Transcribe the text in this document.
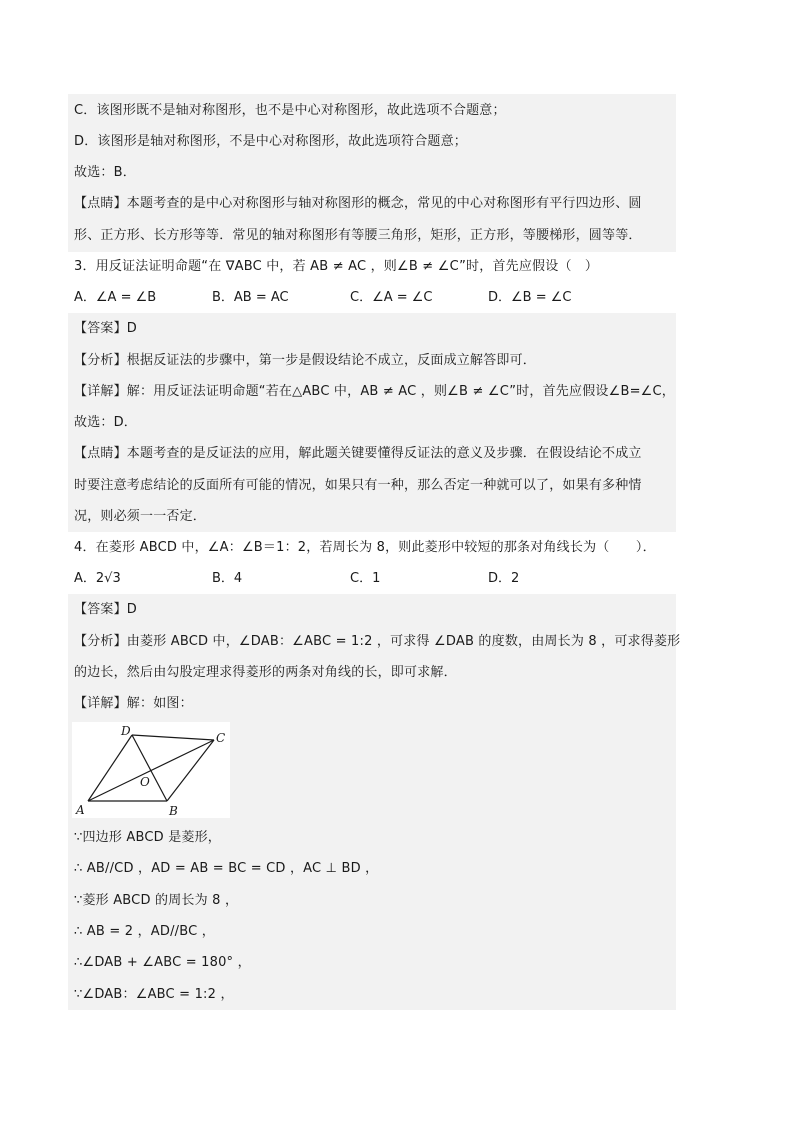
C．该图形既不是轴对称图形，也不是中心对称图形，故此选项不合题意；
D．该图形是轴对称图形，不是中心对称图形，故此选项符合题意；
故选：B．
【点睛】本题考查的是中心对称图形与轴对称图形的概念，常见的中心对称图形有平行四边形、圆
形、正方形、长方形等等．常见的轴对称图形有等腰三角形，矩形，正方形，等腰梯形，圆等等．
3．用反证法证明命题“在 ∇ABC 中，若 AB ≠ AC ，则∠B ≠ ∠C”时，首先应假设（　）
A．∠A = ∠B	B．AB = AC	C．∠A = ∠C	D．∠B = ∠C
【答案】D
【分析】根据反证法的步骤中，第一步是假设结论不成立，反面成立解答即可．
【详解】解：用反证法证明命题“若在△ABC 中，AB ≠ AC ，则∠B ≠ ∠C”时，首先应假设∠B=∠C，
故选：D．
【点睛】本题考查的是反证法的应用，解此题关键要懂得反证法的意义及步骤．在假设结论不成立
时要注意考虑结论的反面所有可能的情况，如果只有一种，那么否定一种就可以了，如果有多种情
况，则必须一一否定．
4．在菱形 ABCD 中，∠A：∠B＝1：2，若周长为 8，则此菱形中较短的那条对角线长为（　　）．
A．2√3	B．4	C．1	D．2
【答案】D
【分析】由菱形 ABCD 中，∠DAB：∠ABC = 1:2 ，可求得 ∠DAB 的度数，由周长为 8 ，可求得菱形
的边长，然后由勾股定理求得菱形的两条对角线的长，即可求解．
【详解】解：如图：
D	C
O
A	B
∵四边形 ABCD 是菱形，
∴ AB//CD ，AD = AB = BC = CD ，AC ⊥ BD ，
∵菱形 ABCD 的周长为 8 ，
∴ AB = 2 ，AD//BC ，
∴∠DAB + ∠ABC = 180° ，
∵∠DAB：∠ABC = 1:2 ，
